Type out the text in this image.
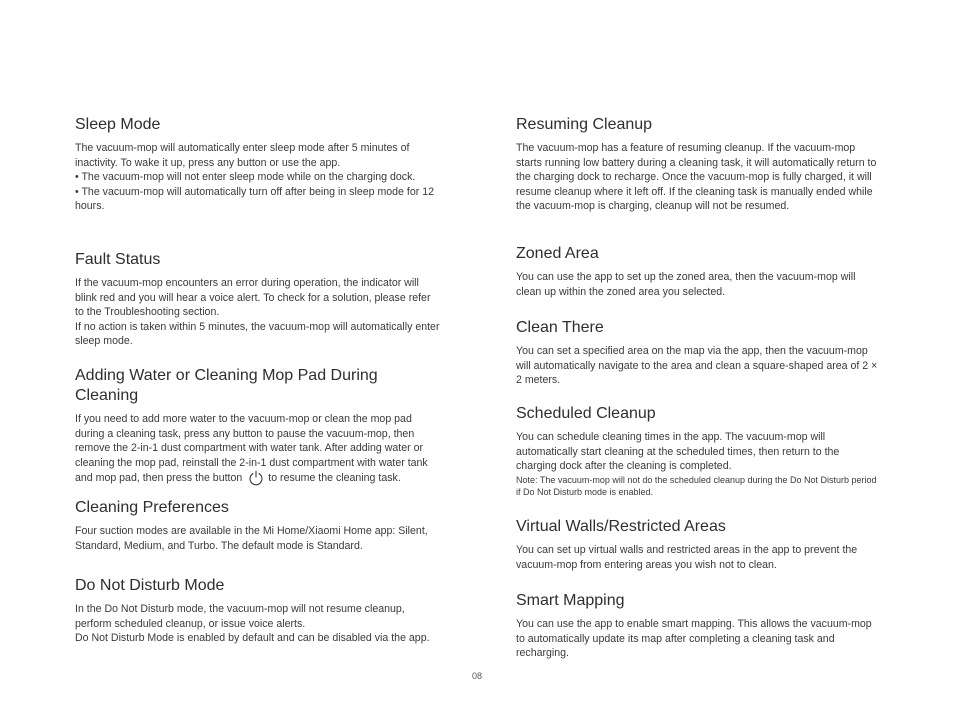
Sleep Mode

The vacuum-mop will automatically enter sleep mode after 5 minutes of inactivity. To wake it up, press any button or use the app.

• The vacuum-mop will not enter sleep mode while on the charging dock.

• The vacuum-mop will automatically turn off after being in sleep mode for 12 hours.

Fault Status

If the vacuum-mop encounters an error during operation, the indicator will blink red and you will hear a voice alert. To check for a solution, please refer to the Troubleshooting section.

If no action is taken within 5 minutes, the vacuum-mop will automatically enter sleep mode.

Adding Water or Cleaning Mop Pad During Cleaning

If you need to add more water to the vacuum-mop or clean the mop pad during a cleaning task, press any button to pause the vacuum-mop, then remove the 2-in-1 dust compartment with water tank. After adding water or cleaning the mop pad, reinstall the 2-in-1 dust compartment with water tank and mop pad, then press the button to resume the cleaning task.

Cleaning Preferences

Four suction modes are available in the Mi Home/Xiaomi Home app: Silent, Standard, Medium, and Turbo. The default mode is Standard.

Do Not Disturb Mode

In the Do Not Disturb mode, the vacuum-mop will not resume cleanup, perform scheduled cleanup, or issue voice alerts.

Do Not Disturb Mode is enabled by default and can be disabled via the app.

Resuming Cleanup

The vacuum-mop has a feature of resuming cleanup. If the vacuum-mop starts running low battery during a cleaning task, it will automatically return to the charging dock to recharge. Once the vacuum-mop is fully charged, it will resume cleanup where it left off. If the cleaning task is manually ended while the vacuum-mop is charging, cleanup will not be resumed.

Zoned Area

You can use the app to set up the zoned area, then the vacuum-mop will clean up within the zoned area you selected.

Clean There

You can set a specified area on the map via the app, then the vacuum-mop will automatically navigate to the area and clean a square-shaped area of 2 × 2 meters.

Scheduled Cleanup

You can schedule cleaning times in the app. The vacuum-mop will automatically start cleaning at the scheduled times, then return to the charging dock after the cleaning is completed.

Note: The vacuum-mop will not do the scheduled cleanup during the Do Not Disturb period if Do Not Disturb mode is enabled.

Virtual Walls/Restricted Areas

You can set up virtual walls and restricted areas in the app to prevent the vacuum-mop from entering areas you wish not to clean.

Smart Mapping

You can use the app to enable smart mapping. This allows the vacuum-mop to automatically update its map after completing a cleaning task and recharging.

08
